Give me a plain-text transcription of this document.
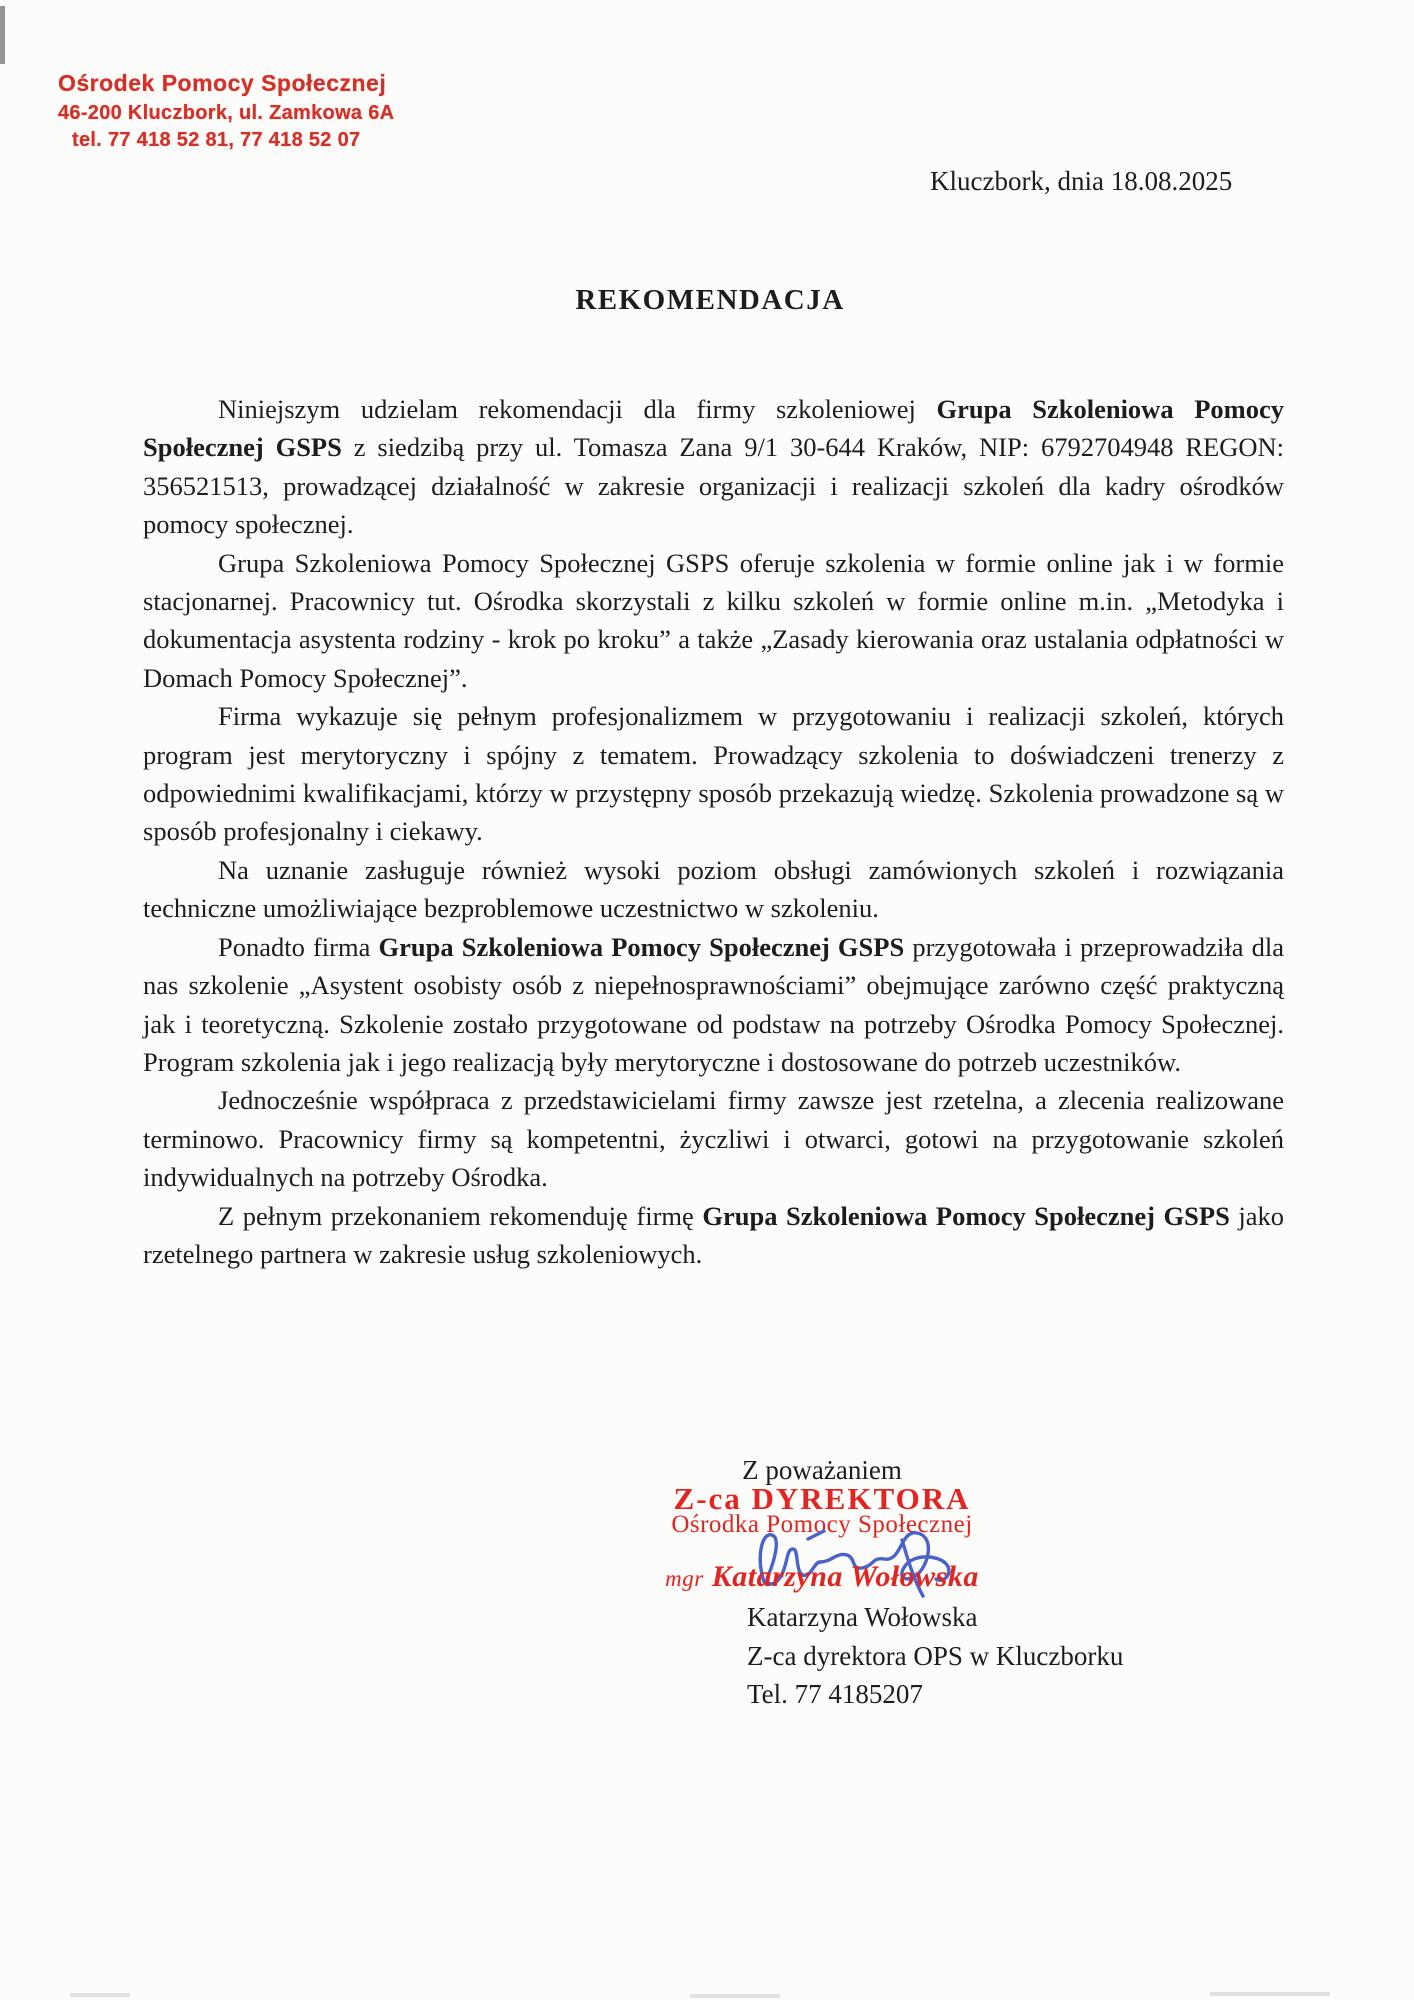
Ośrodek Pomocy Społecznej
46-200 Kluczbork, ul. Zamkowa 6A
tel. 77 418 52 81, 77 418 52 07
Kluczbork, dnia 18.08.2025
REKOMENDACJA

Niniejszym udzielam rekomendacji dla firmy szkoleniowej Grupa Szkoleniowa Pomocy Społecznej GSPS z siedzibą przy ul. Tomasza Zana 9/1 30-644 Kraków, NIP: 6792704948 REGON: 356521513, prowadzącej działalność w zakresie organizacji i realizacji szkoleń dla kadry ośrodków pomocy społecznej.

Grupa Szkoleniowa Pomocy Społecznej GSPS oferuje szkolenia w formie online jak i w formie stacjonarnej. Pracownicy tut. Ośrodka skorzystali z kilku szkoleń w formie online m.in. „Metodyka i dokumentacja asystenta rodziny - krok po kroku” a także „Zasady kierowania oraz ustalania odpłatności w Domach Pomocy Społecznej”.

Firma wykazuje się pełnym profesjonalizmem w przygotowaniu i realizacji szkoleń, których program jest merytoryczny i spójny z tematem. Prowadzący szkolenia to doświadczeni trenerzy z odpowiednimi kwalifikacjami, którzy w przystępny sposób przekazują wiedzę. Szkolenia prowadzone są w sposób profesjonalny i ciekawy.

Na uznanie zasługuje również wysoki poziom obsługi zamówionych szkoleń i rozwiązania techniczne umożliwiające bezproblemowe uczestnictwo w szkoleniu.

Ponadto firma Grupa Szkoleniowa Pomocy Społecznej GSPS przygotowała i przeprowadziła dla nas szkolenie „Asystent osobisty osób z niepełnosprawnościami” obejmujące zarówno część praktyczną jak i teoretyczną. Szkolenie zostało przygotowane od podstaw na potrzeby Ośrodka Pomocy Społecznej. Program szkolenia jak i jego realizacją były merytoryczne i dostosowane do potrzeb uczestników.

Jednocześnie współpraca z przedstawicielami firmy zawsze jest rzetelna, a zlecenia realizowane terminowo. Pracownicy firmy są kompetentni, życzliwi i otwarci, gotowi na przygotowanie szkoleń indywidualnych na potrzeby Ośrodka.

Z pełnym przekonaniem rekomenduję firmę Grupa Szkoleniowa Pomocy Społecznej GSPS jako rzetelnego partnera w zakresie usług szkoleniowych.

Z poważaniem
Z-ca DYREKTORA
Ośrodka Pomocy Społecznej
mgr Katarzyna Wołowska
Katarzyna Wołowska
Z-ca dyrektora OPS w Kluczborku
Tel. 77 4185207
